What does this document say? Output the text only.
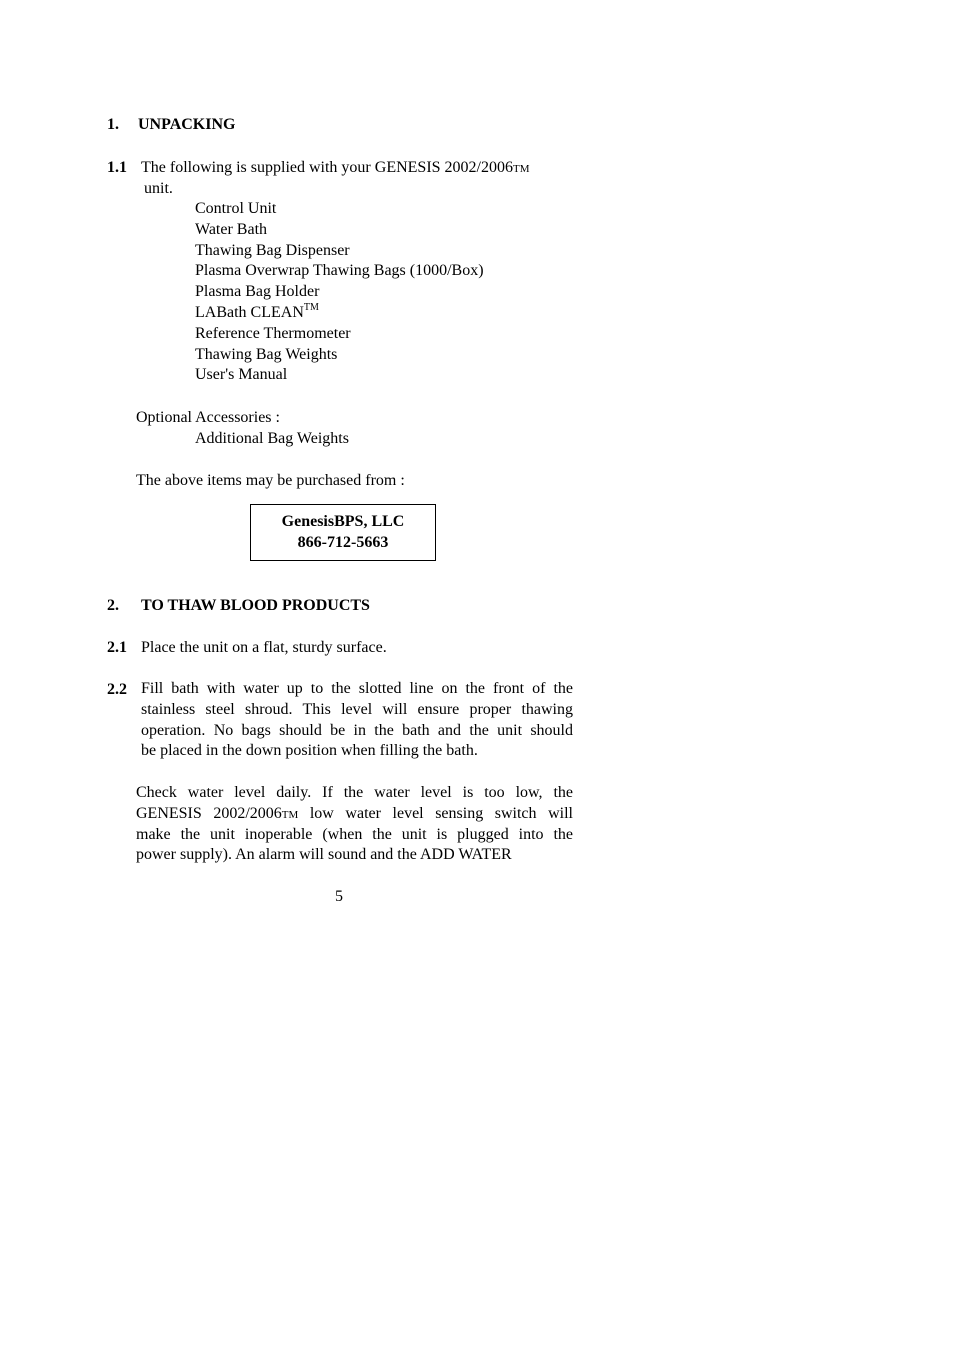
1. UNPACKING
1.1 The following is supplied with your GENESIS 2002/2006TM
unit.
Control Unit
Water Bath
Thawing Bag Dispenser
Plasma Overwrap Thawing Bags (1000/Box)
Plasma Bag Holder
LABath CLEAN™
Reference Thermometer
Thawing Bag Weights
User's Manual
Optional Accessories :
Additional Bag Weights
The above items may be purchased from :
GenesisBPS, LLC
866-712-5663
2. TO THAW BLOOD PRODUCTS
2.1 Place the unit on a flat, sturdy surface.
2.2 Fill bath with water up to the slotted line on the front of the
stainless steel shroud. This level will ensure proper thawing
operation. No bags should be in the bath and the unit should
be placed in the down position when filling the bath.
Check water level daily. If the water level is too low, the
GENESIS 2002/2006TM low water level sensing switch will
make the unit inoperable (when the unit is plugged into the
power supply). An alarm will sound and the ADD WATER
5
